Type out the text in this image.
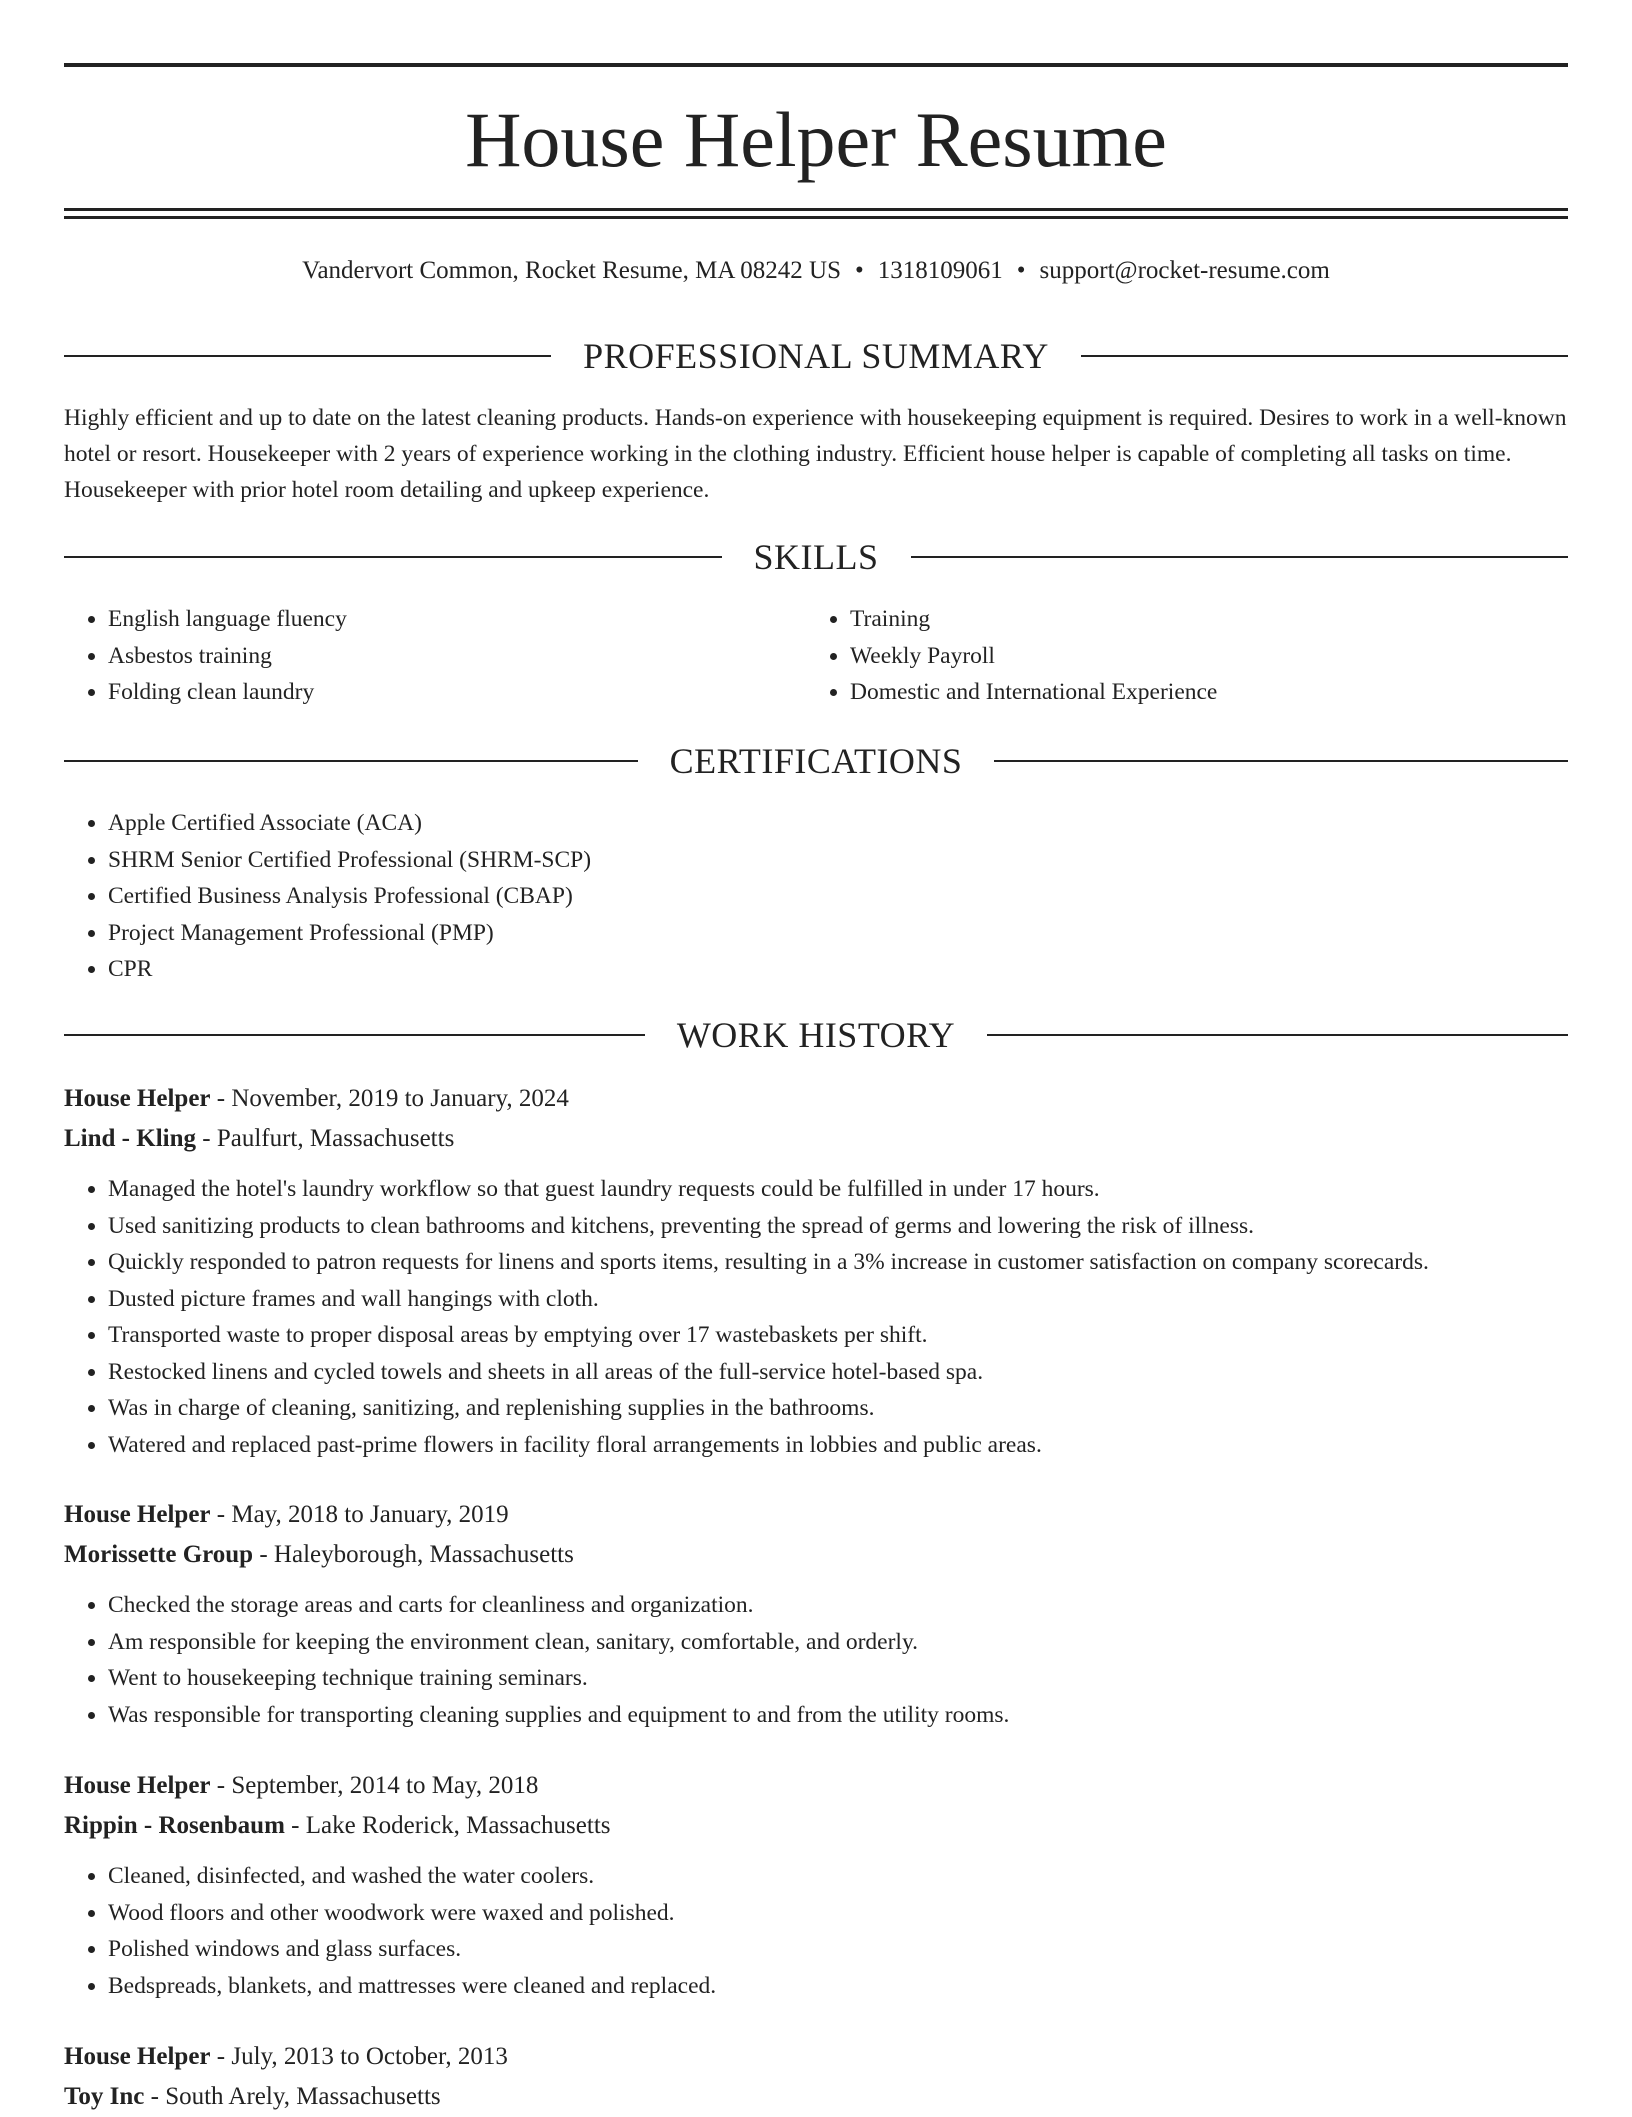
House Helper Resume
Vandervort Common, Rocket Resume, MA 08242 US • 1318109061 • support@rocket-resume.com
PROFESSIONAL SUMMARY

Highly efficient and up to date on the latest cleaning products. Hands-on experience with housekeeping equipment is required. Desires to work in a well-known hotel or resort. Housekeeper with 2 years of experience working in the clothing industry. Efficient house helper is capable of completing all tasks on time. Housekeeper with prior hotel room detailing and upkeep experience.

SKILLS
• English language fluency
• Asbestos training
• Folding clean laundry
• Training
• Weekly Payroll
• Domestic and International Experience
CERTIFICATIONS
• Apple Certified Associate (ACA)
• SHRM Senior Certified Professional (SHRM-SCP)
• Certified Business Analysis Professional (CBAP)
• Project Management Professional (PMP)
• CPR
WORK HISTORY
House Helper - November, 2019 to January, 2024
Lind - Kling - Paulfurt, Massachusetts
• Managed the hotel's laundry workflow so that guest laundry requests could be fulfilled in under 17 hours.
• Used sanitizing products to clean bathrooms and kitchens, preventing the spread of germs and lowering the risk of illness.
• Quickly responded to patron requests for linens and sports items, resulting in a 3% increase in customer satisfaction on company scorecards.
• Dusted picture frames and wall hangings with cloth.
• Transported waste to proper disposal areas by emptying over 17 wastebaskets per shift.
• Restocked linens and cycled towels and sheets in all areas of the full-service hotel-based spa.
• Was in charge of cleaning, sanitizing, and replenishing supplies in the bathrooms.
• Watered and replaced past-prime flowers in facility floral arrangements in lobbies and public areas.
House Helper - May, 2018 to January, 2019
Morissette Group - Haleyborough, Massachusetts
• Checked the storage areas and carts for cleanliness and organization.
• Am responsible for keeping the environment clean, sanitary, comfortable, and orderly.
• Went to housekeeping technique training seminars.
• Was responsible for transporting cleaning supplies and equipment to and from the utility rooms.
House Helper - September, 2014 to May, 2018
Rippin - Rosenbaum - Lake Roderick, Massachusetts
• Cleaned, disinfected, and washed the water coolers.
• Wood floors and other woodwork were waxed and polished.
• Polished windows and glass surfaces.
• Bedspreads, blankets, and mattresses were cleaned and replaced.
House Helper - July, 2013 to October, 2013
Toy Inc - South Arely, Massachusetts
